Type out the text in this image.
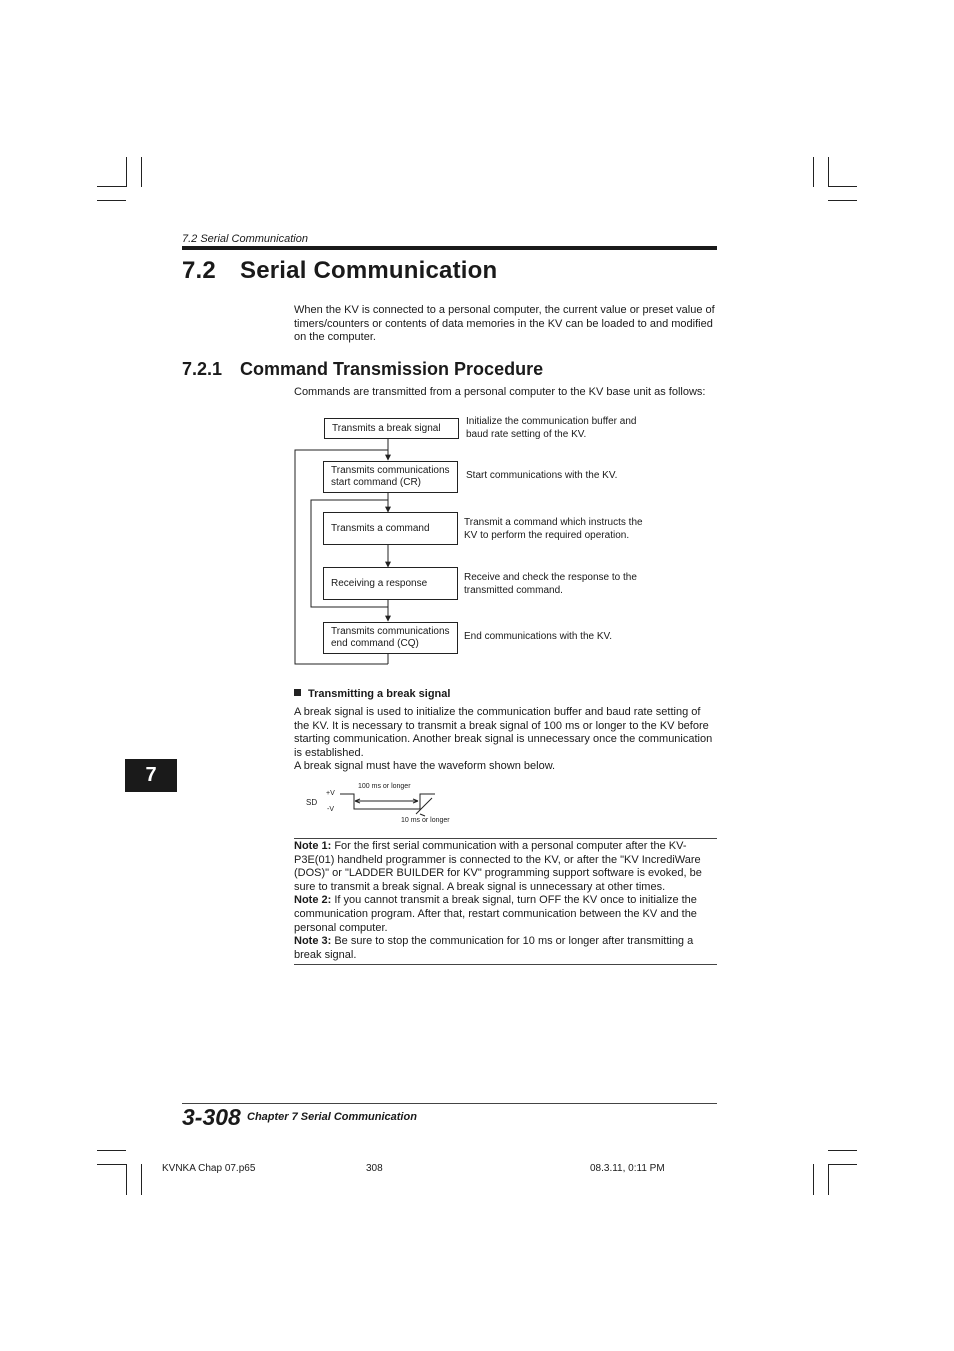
7.2 Serial Communication
7.2 Serial Communication
When the KV is connected to a personal computer, the current value or preset value of timers/counters or contents of data memories in the KV can be loaded to and modified on the computer.
7.2.1 Command Transmission Procedure
Commands are transmitted from a personal computer to the KV base unit as follows:
Transmits a break signal
Initialize the communication buffer and
baud rate setting of the KV.
Transmits communications
start command (CR)
Start communications with the KV.
Transmits a command	Transmit a command which instructs the
KV to perform the required operation.
Receiving a response	Receive and check the response to the
transmitted command.
Transmits communications
end command (CQ)
End communications with the KV.
Transmitting a break signal
A break signal is used to initialize the communication buffer and baud rate setting of the KV. It is necessary to transmit a break signal of 100 ms or longer to the KV before starting communication. Another break signal is unnecessary once the communication is established.
A break signal must have the waveform shown below.
SD
+V
-V
100 ms or longer
10 ms or longer
Note 1: For the first serial communication with a personal computer after the KV-P3E(01) handheld programmer is connected to the KV, or after the "KV IncrediWare (DOS)" or "LADDER BUILDER for KV" programming support software is evoked, be sure to transmit a break signal. A break signal is unnecessary at other times.
Note 2: If you cannot transmit a break signal, turn OFF the KV once to initialize the communication program. After that, restart communication between the KV and the personal computer.
Note 3: Be sure to stop the communication for 10 ms or longer after transmitting a break signal.
7
3-308 Chapter 7 Serial Communication
KVNKA Chap 07.p65	308	08.3.11, 0:11 PM
